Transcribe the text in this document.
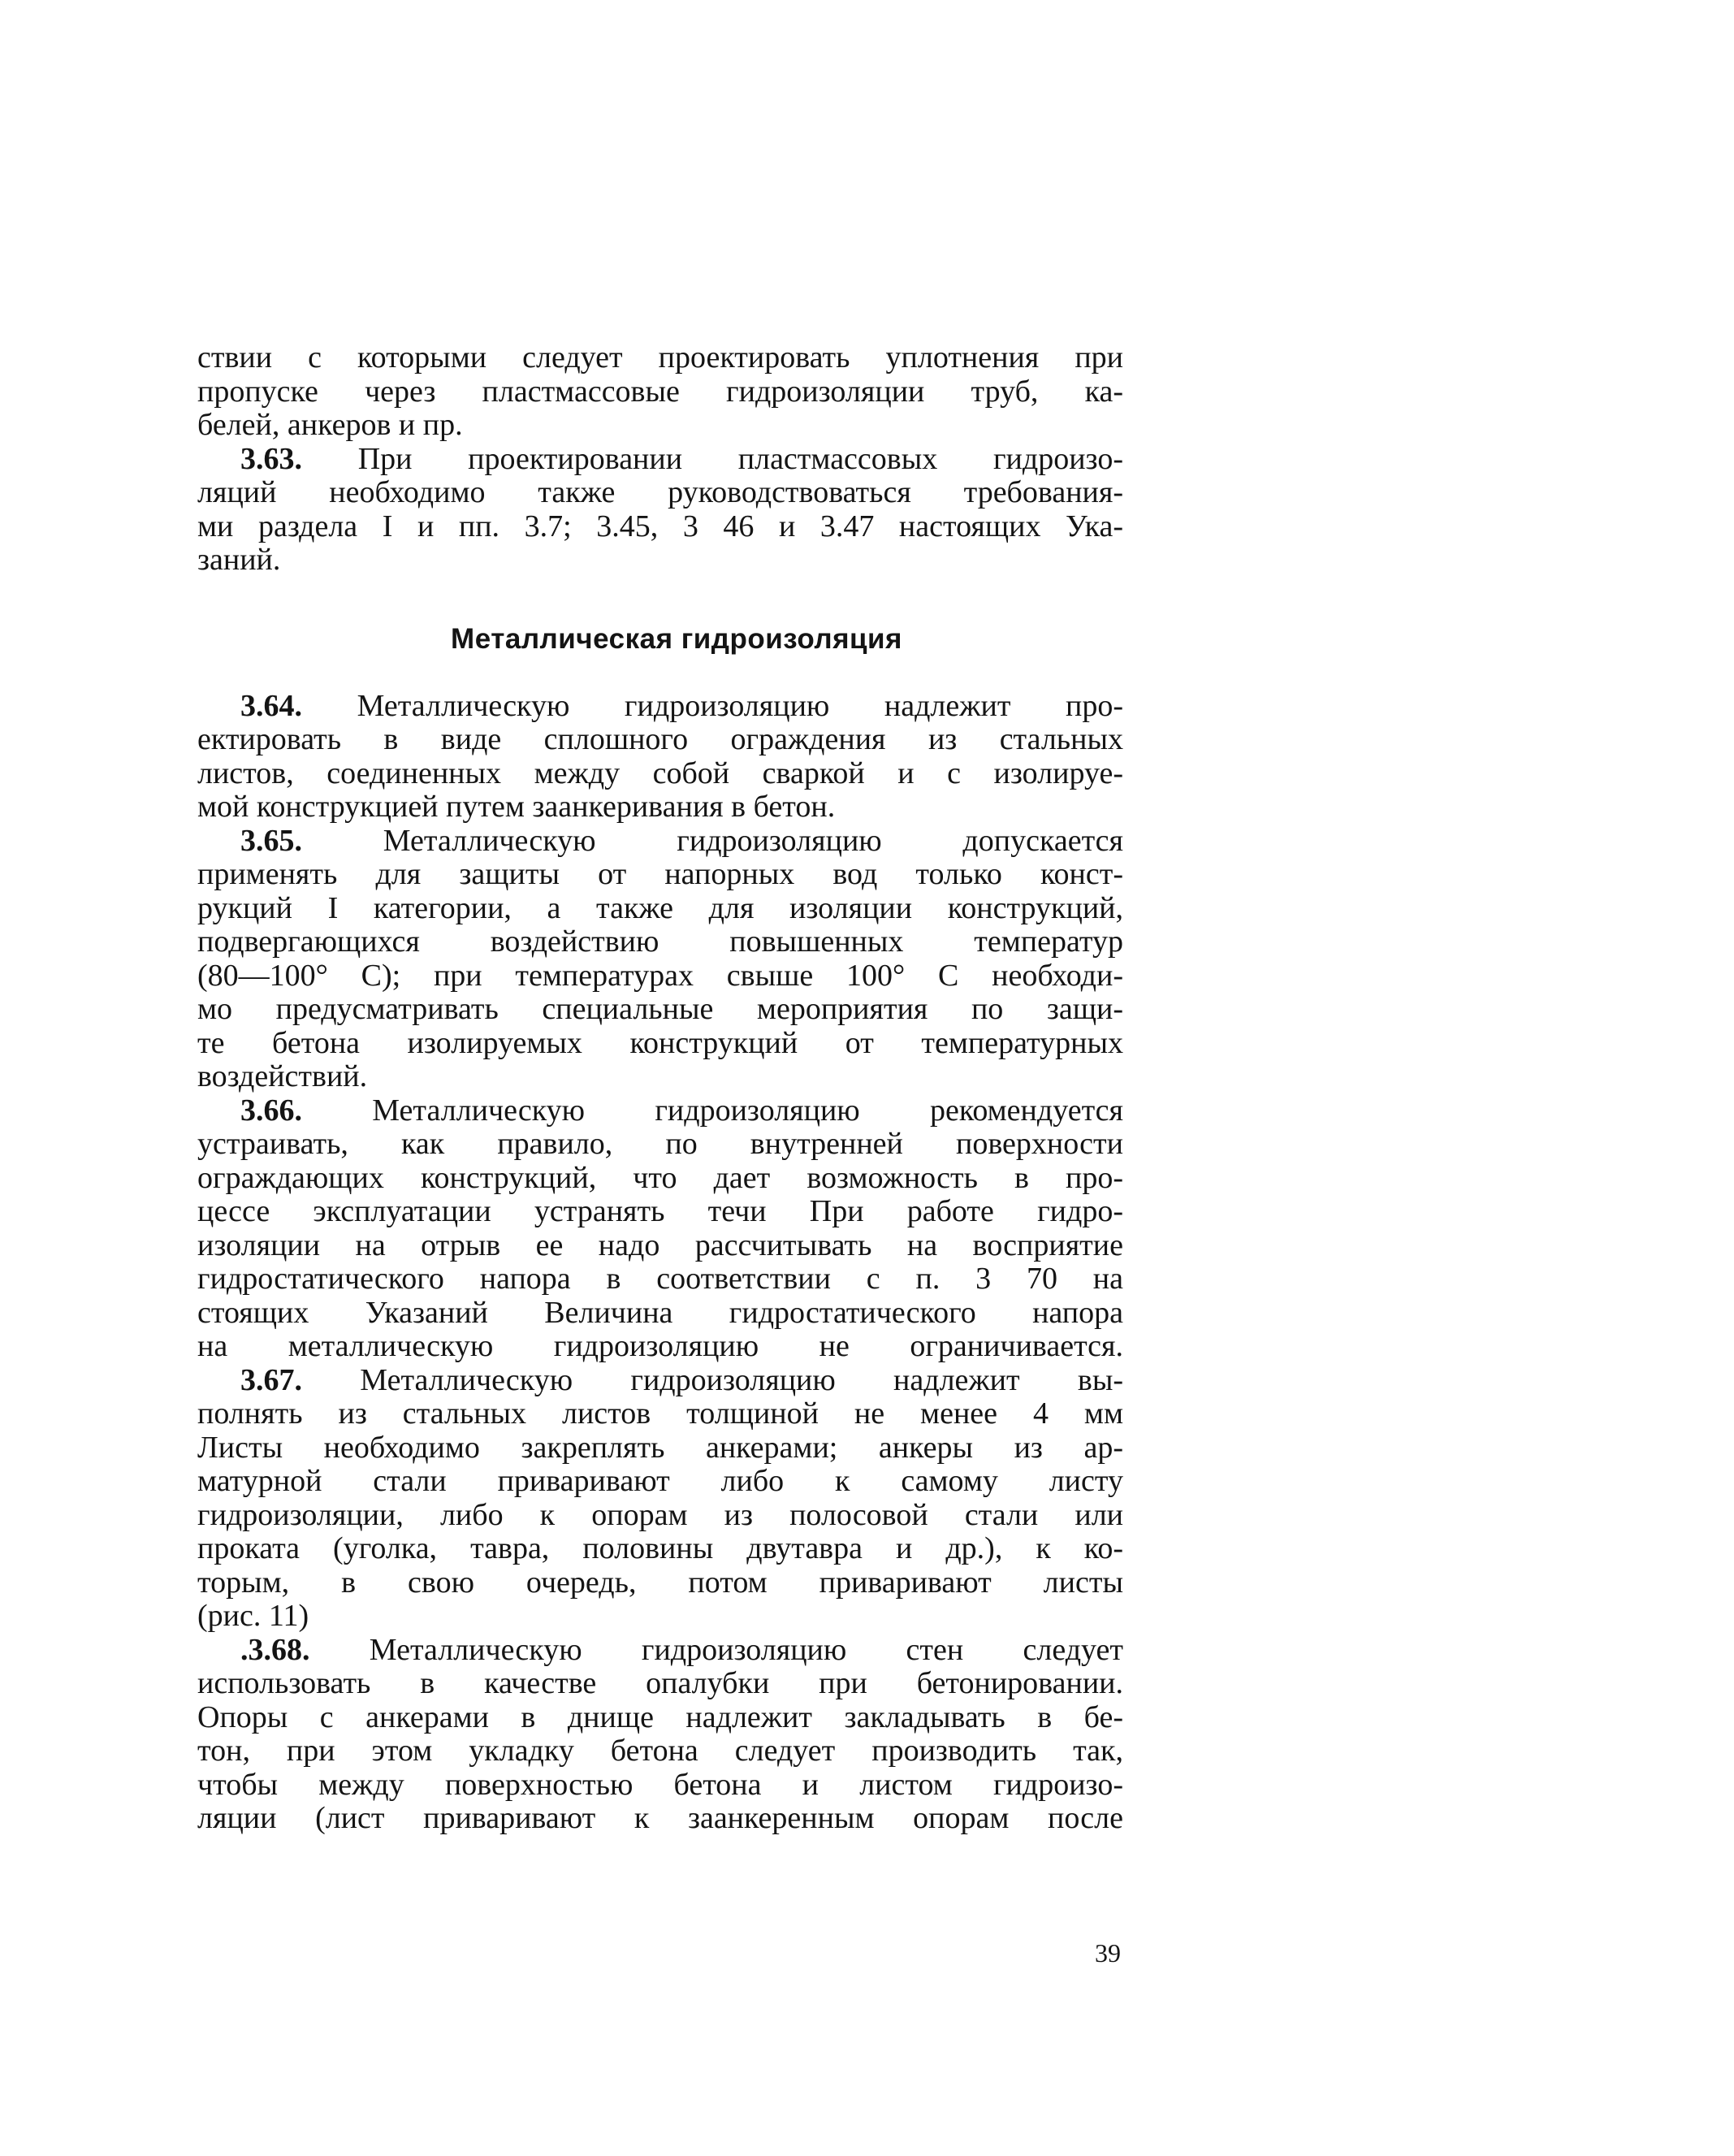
ствии с которыми следует проектировать уплотнения при
пропуске через пластмассовые гидроизоляции труб, ка-
белей, анкеров и пр.
3.63. При проектировании пластмассовых гидроизо-
ляций необходимо также руководствоваться требования-
ми раздела I и пп. 3.7; 3.45, 3 46 и 3.47 настоящих Ука-
заний.
Металлическая гидроизоляция
3.64. Металлическую гидроизоляцию надлежит про-
ектировать в виде сплошного ограждения из стальных
листов, соединенных между собой сваркой и с изолируе-
мой конструкцией путем заанкеривания в бетон.
3.65.	Металлическую гидроизоляцию допускается
применять для защиты от напорных вод только конст-
рукций I категории, а также для изоляции конструкций,
подвергающихся воздействию повышенных температур
(80—100° С); при температурах свыше 100° С необходи-
мо предусматривать специальные мероприятия по защи-
те бетона изолируемых конструкций от температурных
воздействий.
3.66. Металлическую гидроизоляцию рекомендуется
устраивать, как правило, по внутренней поверхности
ограждающих конструкций, что дает возможность в про-
цессе эксплуатации устранять течи При работе гидро-
изоляции на отрыв ее надо рассчитывать на восприятие
гидростатического напора в соответствии с п. 3 70 на
стоящих Указаний Величина гидростатического напора
на металлическую гидроизоляцию не ограничивается.
3.67. Металлическую гидроизоляцию надлежит вы-
полнять из стальных листов толщиной не менее 4 мм
Листы необходимо закреплять анкерами; анкеры из ар-
матурной стали приваривают либо к самому листу
гидроизоляции, либо к опорам из полосовой стали или
проката (уголка, тавра, половины двутавра и др.), к ко-
торым, в свою очередь, потом приваривают листы
(рис. 11)
.3.68. Металлическую гидроизоляцию стен следует
использовать в качестве опалубки при бетонировании.
Опоры с анкерами в днище надлежит закладывать в бе-
тон, при этом укладку бетона следует производить так,
чтобы между поверхностью бетона и листом гидроизо-
ляции (лист приваривают к заанкеренным опорам после
39
